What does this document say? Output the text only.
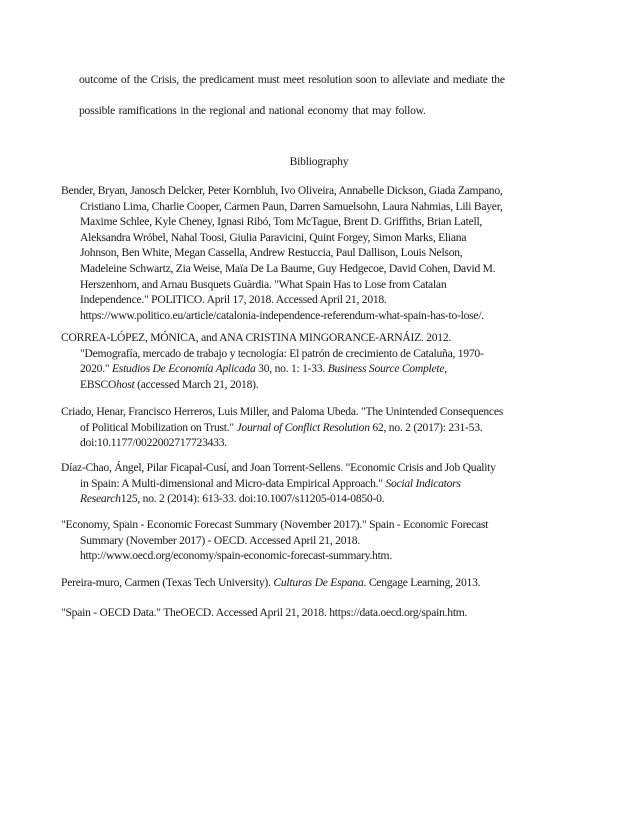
outcome of the Crisis, the predicament must meet resolution soon to alleviate and mediate the
possible ramifications in the regional and national economy that may follow.
Bibliography
Bender, Bryan, Janosch Delcker, Peter Kornbluh, Ivo Oliveira, Annabelle Dickson, Giada Zampano,
Cristiano Lima, Charlie Cooper, Carmen Paun, Darren Samuelsohn, Laura Nahmias, Lili Bayer,
Maxime Schlee, Kyle Cheney, Ignasi Ribó, Tom McTague, Brent D. Griffiths, Brian Latell,
Aleksandra Wróbel, Nahal Toosi, Giulia Paravicini, Quint Forgey, Simon Marks, Eliana
Johnson, Ben White, Megan Cassella, Andrew Restuccia, Paul Dallison, Louis Nelson,
Madeleine Schwartz, Zia Weise, Maïa De La Baume, Guy Hedgecoe, David Cohen, David M.
Herszenhorn, and Arnau Busquets Guàrdia. "What Spain Has to Lose from Catalan
Independence." POLITICO. April 17, 2018. Accessed April 21, 2018.
https://www.politico.eu/article/catalonia-independence-referendum-what-spain-has-to-lose/.
CORREA-LÓPEZ, MÓNICA, and ANA CRISTINA MINGORANCE-ARNÁIZ. 2012.
"Demografía, mercado de trabajo y tecnología: El patrón de crecimiento de Cataluña, 1970-
2020." Estudios De Economía Aplicada 30, no. 1: 1-33. Business Source Complete,
EBSCOhost (accessed March 21, 2018).
Criado, Henar, Francisco Herreros, Luis Miller, and Paloma Ubeda. "The Unintended Consequences
of Political Mobilization on Trust." Journal of Conflict Resolution 62, no. 2 (2017): 231-53.
doi:10.1177/0022002717723433.
Díaz-Chao, Ángel, Pilar Ficapal-Cusí, and Joan Torrent-Sellens. "Economic Crisis and Job Quality
in Spain: A Multi-dimensional and Micro-data Empirical Approach." Social Indicators
Research125, no. 2 (2014): 613-33. doi:10.1007/s11205-014-0850-0.
"Economy, Spain - Economic Forecast Summary (November 2017)." Spain - Economic Forecast
Summary (November 2017) - OECD. Accessed April 21, 2018.
http://www.oecd.org/economy/spain-economic-forecast-summary.htm.
Pereira-muro, Carmen (Texas Tech University). Culturas De Espana. Cengage Learning, 2013.
"Spain - OECD Data." TheOECD. Accessed April 21, 2018. https://data.oecd.org/spain.htm.
